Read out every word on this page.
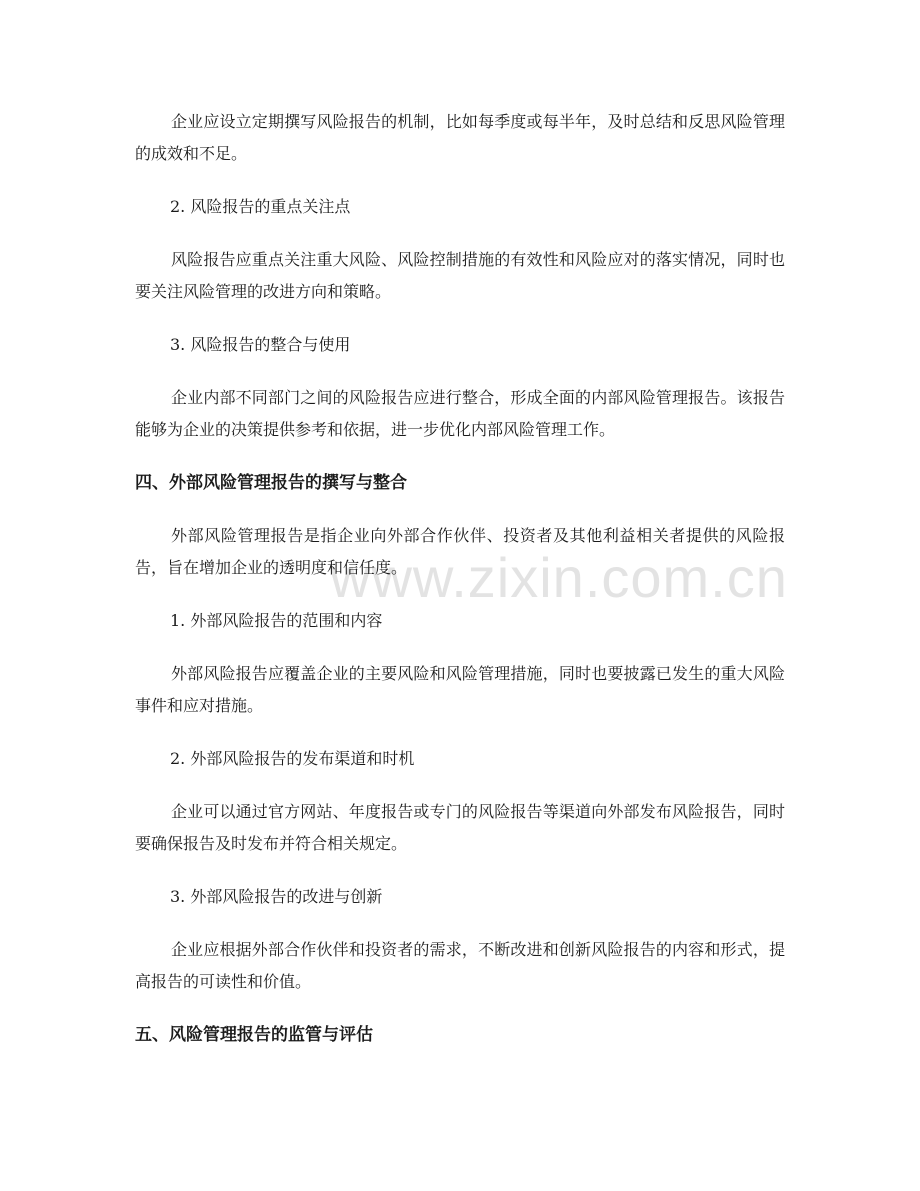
www.zixin.com.cn

企业应设立定期撰写风险报告的机制，比如每季度或每半年，及时总结和反思风险管理的成效和不足。

2. 风险报告的重点关注点

风险报告应重点关注重大风险、风险控制措施的有效性和风险应对的落实情况，同时也要关注风险管理的改进方向和策略。

3. 风险报告的整合与使用

企业内部不同部门之间的风险报告应进行整合，形成全面的内部风险管理报告。该报告能够为企业的决策提供参考和依据，进一步优化内部风险管理工作。

四、外部风险管理报告的撰写与整合

外部风险管理报告是指企业向外部合作伙伴、投资者及其他利益相关者提供的风险报告，旨在增加企业的透明度和信任度。

1. 外部风险报告的范围和内容

外部风险报告应覆盖企业的主要风险和风险管理措施，同时也要披露已发生的重大风险事件和应对措施。

2. 外部风险报告的发布渠道和时机

企业可以通过官方网站、年度报告或专门的风险报告等渠道向外部发布风险报告，同时要确保报告及时发布并符合相关规定。

3. 外部风险报告的改进与创新

企业应根据外部合作伙伴和投资者的需求，不断改进和创新风险报告的内容和形式，提高报告的可读性和价值。

五、风险管理报告的监管与评估
